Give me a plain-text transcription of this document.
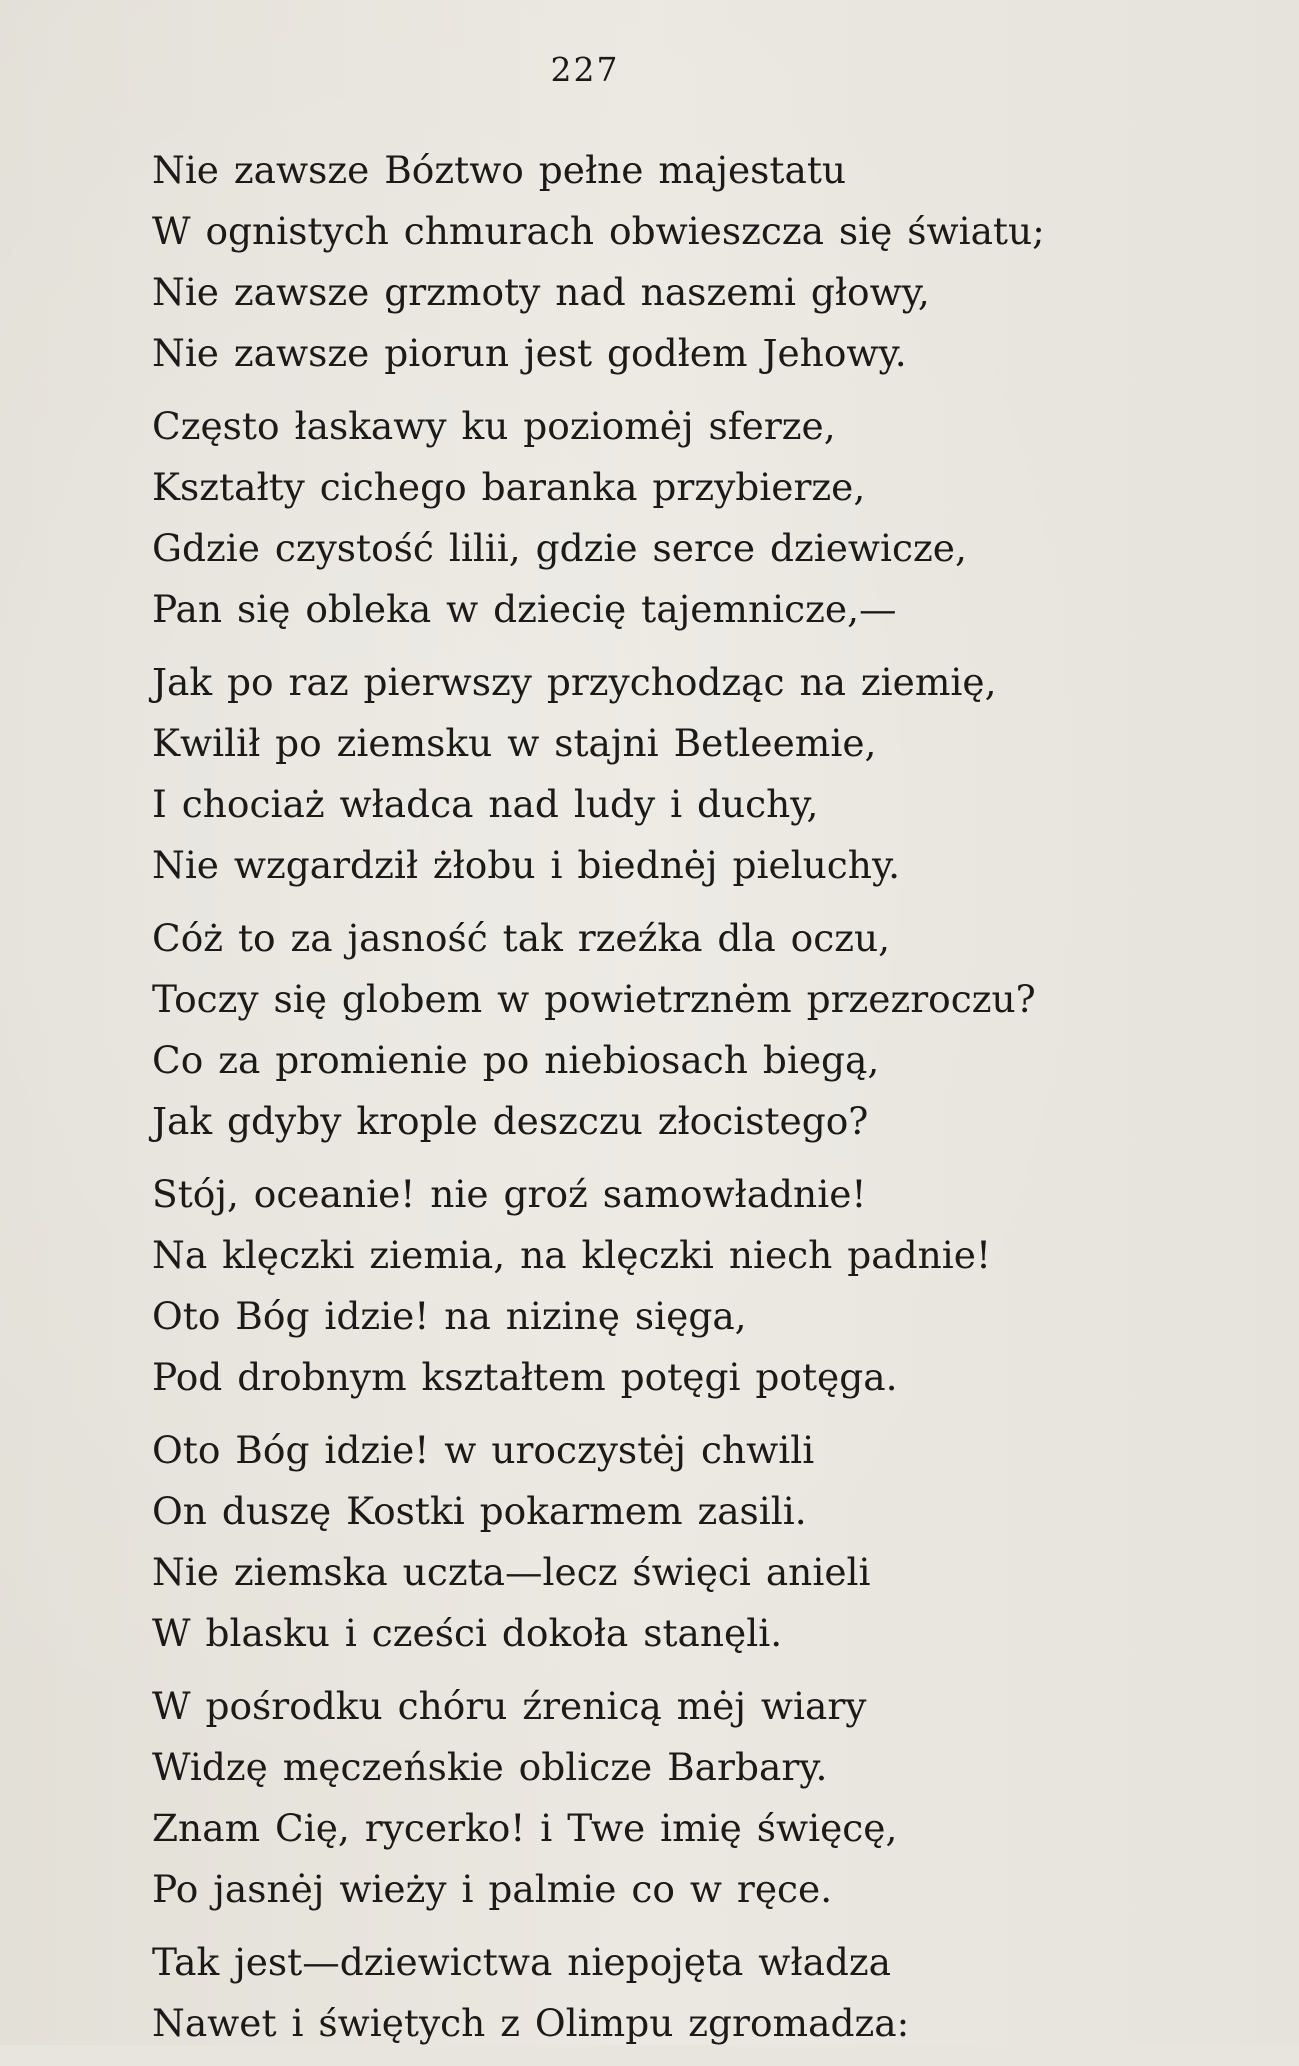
227
Nie zawsze Bóztwo pełne majestatu
W ognistych chmurach obwieszcza się światu;
Nie zawsze grzmoty nad naszemi głowy,
Nie zawsze piorun jest godłem Jehowy.
Często łaskawy ku poziomėj sferze,
Kształty cichego baranka przybierze,
Gdzie czystość lilii, gdzie serce dziewicze,
Pan się obleka w dziecię tajemnicze,—
Jak po raz pierwszy przychodząc na ziemię,
Kwilił po ziemsku w stajni Betleemie,
I chociaż władca nad ludy i duchy,
Nie wzgardził żłobu i biednėj pieluchy.
Cóż to za jasność tak rzeźka dla oczu,
Toczy się globem w powietrznėm przezroczu?
Co za promienie po niebiosach biegą,
Jak gdyby krople deszczu złocistego?
Stój, oceanie! nie groź samowładnie!
Na klęczki ziemia, na klęczki niech padnie!
Oto Bóg idzie! na nizinę sięga,
Pod drobnym kształtem potęgi potęga.
Oto Bóg idzie! w uroczystėj chwili
On duszę Kostki pokarmem zasili.
Nie ziemska uczta—lecz święci anieli
W blasku i cześci dokoła stanęli.
W pośrodku chóru źrenicą mėj wiary
Widzę męczeńskie oblicze Barbary.
Znam Cię, rycerko! i Twe imię święcę,
Po jasnėj wieży i palmie co w ręce.
Tak jest—dziewictwa niepojęta władza
Nawet i świętych z Olimpu zgromadza:
